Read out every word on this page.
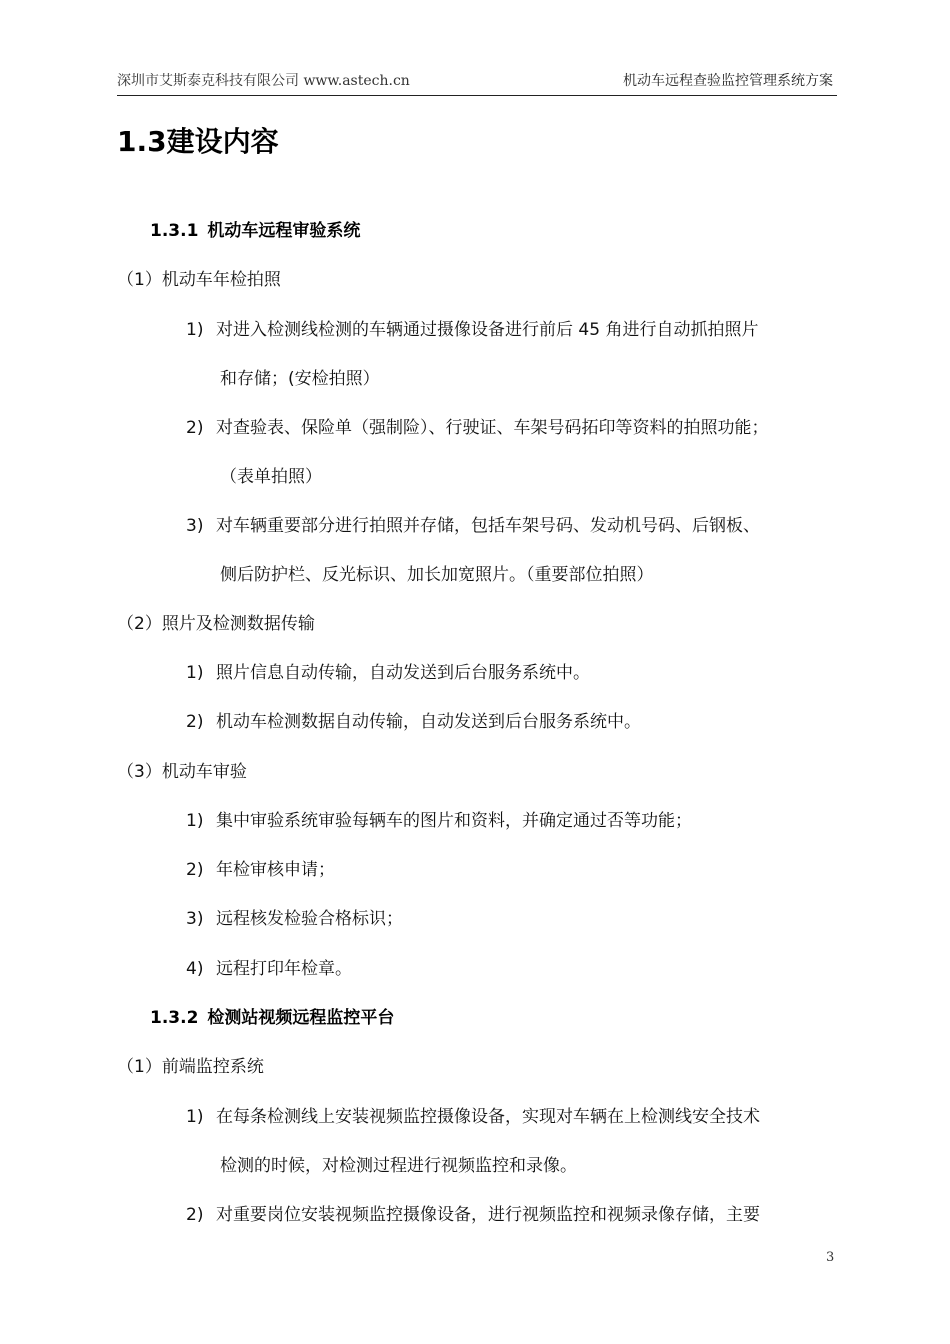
深圳市艾斯泰克科技有限公司 www.astech.cn	机动车远程查验监控管理系统方案
1.3建设内容
1.3.1 机动车远程审验系统
（1）机动车年检拍照
1) 对进入检测线检测的车辆通过摄像设备进行前后 45 角进行自动抓拍照片
和存储；(安检拍照）
2) 对查验表、保险单（强制险）、行驶证、车架号码拓印等资料的拍照功能；
（表单拍照）
3) 对车辆重要部分进行拍照并存储，包括车架号码、发动机号码、后钢板、
侧后防护栏、反光标识、加长加宽照片。（重要部位拍照）
（2）照片及检测数据传输
1) 照片信息自动传输，自动发送到后台服务系统中。
2) 机动车检测数据自动传输，自动发送到后台服务系统中。
（3）机动车审验
1) 集中审验系统审验每辆车的图片和资料，并确定通过否等功能；
2) 年检审核申请；
3) 远程核发检验合格标识；
4) 远程打印年检章。
1.3.2 检测站视频远程监控平台
（1）前端监控系统
1) 在每条检测线上安装视频监控摄像设备，实现对车辆在上检测线安全技术
检测的时候，对检测过程进行视频监控和录像。
2) 对重要岗位安装视频监控摄像设备，进行视频监控和视频录像存储，主要
3
